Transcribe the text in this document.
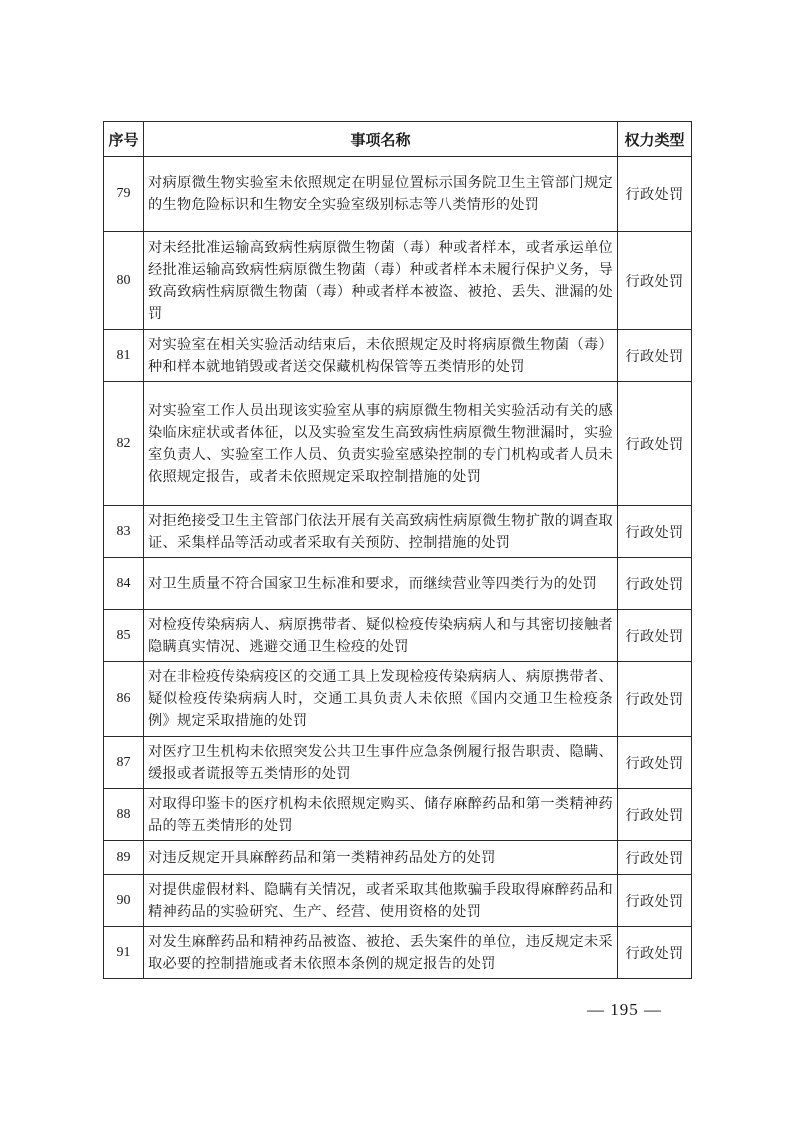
序号	事项名称	权力类型
79	对病原微生物实验室未依照规定在明显位置标示国务院卫生主管部门规定的生物危险标识和生物安全实验室级别标志等八类情形的处罚	行政处罚
80	对未经批准运输高致病性病原微生物菌（毒）种或者样本，或者承运单位经批准运输高致病性病原微生物菌（毒）种或者样本未履行保护义务，导致高致病性病原微生物菌（毒）种或者样本被盗、被抢、丢失、泄漏的处罚	行政处罚
81	对实验室在相关实验活动结束后，未依照规定及时将病原微生物菌（毒）种和样本就地销毁或者送交保藏机构保管等五类情形的处罚	行政处罚
82	对实验室工作人员出现该实验室从事的病原微生物相关实验活动有关的感染临床症状或者体征，以及实验室发生高致病性病原微生物泄漏时，实验室负责人、实验室工作人员、负责实验室感染控制的专门机构或者人员未依照规定报告，或者未依照规定采取控制措施的处罚	行政处罚
83	对拒绝接受卫生主管部门依法开展有关高致病性病原微生物扩散的调查取证、采集样品等活动或者采取有关预防、控制措施的处罚	行政处罚
84	对卫生质量不符合国家卫生标准和要求，而继续营业等四类行为的处罚	行政处罚
85	对检疫传染病病人、病原携带者、疑似检疫传染病病人和与其密切接触者隐瞒真实情况、逃避交通卫生检疫的处罚	行政处罚
86	对在非检疫传染病疫区的交通工具上发现检疫传染病病人、病原携带者、疑似检疫传染病病人时，交通工具负责人未依照《国内交通卫生检疫条例》规定采取措施的处罚	行政处罚
87	对医疗卫生机构未依照突发公共卫生事件应急条例履行报告职责、隐瞒、缓报或者谎报等五类情形的处罚	行政处罚
88	对取得印鉴卡的医疗机构未依照规定购买、储存麻醉药品和第一类精神药品的等五类情形的处罚	行政处罚
89	对违反规定开具麻醉药品和第一类精神药品处方的处罚	行政处罚
90	对提供虚假材料、隐瞒有关情况，或者采取其他欺骗手段取得麻醉药品和精神药品的实验研究、生产、经营、使用资格的处罚	行政处罚
91	对发生麻醉药品和精神药品被盗、被抢、丢失案件的单位，违反规定未采取必要的控制措施或者未依照本条例的规定报告的处罚	行政处罚
— 195 —
